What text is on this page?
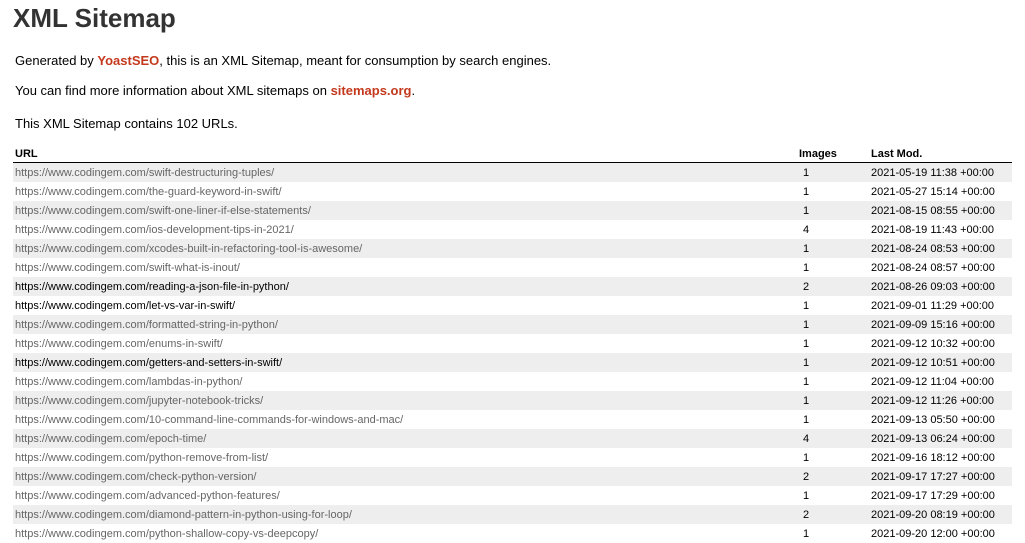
XML Sitemap

Generated by YoastSEO, this is an XML Sitemap, meant for consumption by search engines.

You can find more information about XML sitemaps on sitemaps.org.

This XML Sitemap contains 102 URLs.

URL	Images	Last Mod.
https://www.codingem.com/swift-destructuring-tuples/	1	2021-05-19 11:38 +00:00
https://www.codingem.com/the-guard-keyword-in-swift/	1	2021-05-27 15:14 +00:00
https://www.codingem.com/swift-one-liner-if-else-statements/	1	2021-08-15 08:55 +00:00
https://www.codingem.com/ios-development-tips-in-2021/	4	2021-08-19 11:43 +00:00
https://www.codingem.com/xcodes-built-in-refactoring-tool-is-awesome/	1	2021-08-24 08:53 +00:00
https://www.codingem.com/swift-what-is-inout/	1	2021-08-24 08:57 +00:00
https://www.codingem.com/reading-a-json-file-in-python/	2	2021-08-26 09:03 +00:00
https://www.codingem.com/let-vs-var-in-swift/	1	2021-09-01 11:29 +00:00
https://www.codingem.com/formatted-string-in-python/	1	2021-09-09 15:16 +00:00
https://www.codingem.com/enums-in-swift/	1	2021-09-12 10:32 +00:00
https://www.codingem.com/getters-and-setters-in-swift/	1	2021-09-12 10:51 +00:00
https://www.codingem.com/lambdas-in-python/	1	2021-09-12 11:04 +00:00
https://www.codingem.com/jupyter-notebook-tricks/	1	2021-09-12 11:26 +00:00
https://www.codingem.com/10-command-line-commands-for-windows-and-mac/	1	2021-09-13 05:50 +00:00
https://www.codingem.com/epoch-time/	4	2021-09-13 06:24 +00:00
https://www.codingem.com/python-remove-from-list/	1	2021-09-16 18:12 +00:00
https://www.codingem.com/check-python-version/	2	2021-09-17 17:27 +00:00
https://www.codingem.com/advanced-python-features/	1	2021-09-17 17:29 +00:00
https://www.codingem.com/diamond-pattern-in-python-using-for-loop/	2	2021-09-20 08:19 +00:00
https://www.codingem.com/python-shallow-copy-vs-deepcopy/	1	2021-09-20 12:00 +00:00
